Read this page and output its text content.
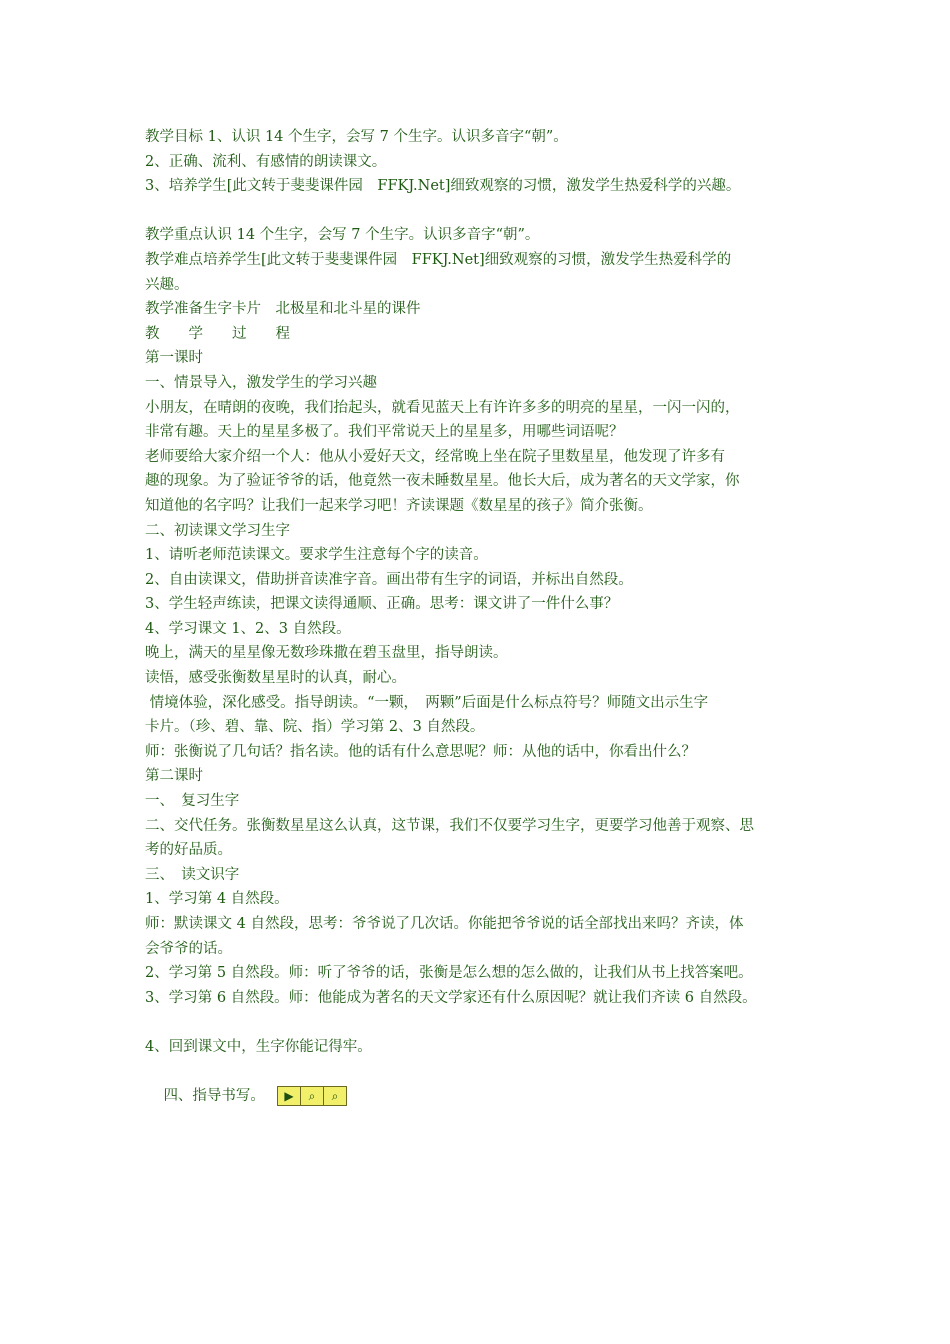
教学目标 1、认识 14 个生字，会写 7 个生字。认识多音字“朝”。
2、正确、流利、有感情的朗读课文。
3、培养学生[此文转于斐斐课件园　FFKJ.Net]细致观察的习惯，激发学生热爱科学的兴趣。
教学重点认识 14 个生字，会写 7 个生字。认识多音字“朝”。
教学难点培养学生[此文转于斐斐课件园　FFKJ.Net]细致观察的习惯，激发学生热爱科学的
兴趣。
教学准备生字卡片　北极星和北斗星的课件
教　　学　　过　　程
第一课时
一、情景导入，激发学生的学习兴趣
小朋友，在晴朗的夜晚，我们抬起头，就看见蓝天上有许许多多的明亮的星星，一闪一闪的，
非常有趣。天上的星星多极了。我们平常说天上的星星多，用哪些词语呢？
老师要给大家介绍一个人：他从小爱好天文，经常晚上坐在院子里数星星，他发现了许多有
趣的现象。为了验证爷爷的话，他竟然一夜未睡数星星。他长大后，成为著名的天文学家，你
知道他的名字吗？让我们一起来学习吧！齐读课题《数星星的孩子》简介张衡。
二、初读课文学习生字
1、请听老师范读课文。要求学生注意每个字的读音。
2、自由读课文，借助拼音读准字音。画出带有生字的词语，并标出自然段。
3、学生轻声练读，把课文读得通顺、正确。思考：课文讲了一件什么事？
4、学习课文 1、2、3 自然段。
晚上，满天的星星像无数珍珠撒在碧玉盘里，指导朗读。
读悟，感受张衡数星星时的认真，耐心。
情境体验，深化感受。指导朗读。“一颗，　两颗”后面是什么标点符号？师随文出示生字
卡片。（珍、碧、靠、院、指）学习第 2、3 自然段。
师：张衡说了几句话？指名读。他的话有什么意思呢？师：从他的话中，你看出什么？
第二课时
一、　复习生字
二、交代任务。张衡数星星这么认真，这节课，我们不仅要学习生字，更要学习他善于观察、思
考的好品质。
三、　读文识字
1、学习第 4 自然段。
师：默读课文 4 自然段，思考：爷爷说了几次话。你能把爷爷说的话全部找出来吗？齐读，体
会爷爷的话。
2、学习第 5 自然段。师：听了爷爷的话，张衡是怎么想的怎么做的，让我们从书上找答案吧。
3、学习第 6 自然段。师：他能成为著名的天文学家还有什么原因呢？就让我们齐读 6 自然段。
4、回到课文中，生字你能记得牢。

四、指导书写。	▶	⌕	⌕
